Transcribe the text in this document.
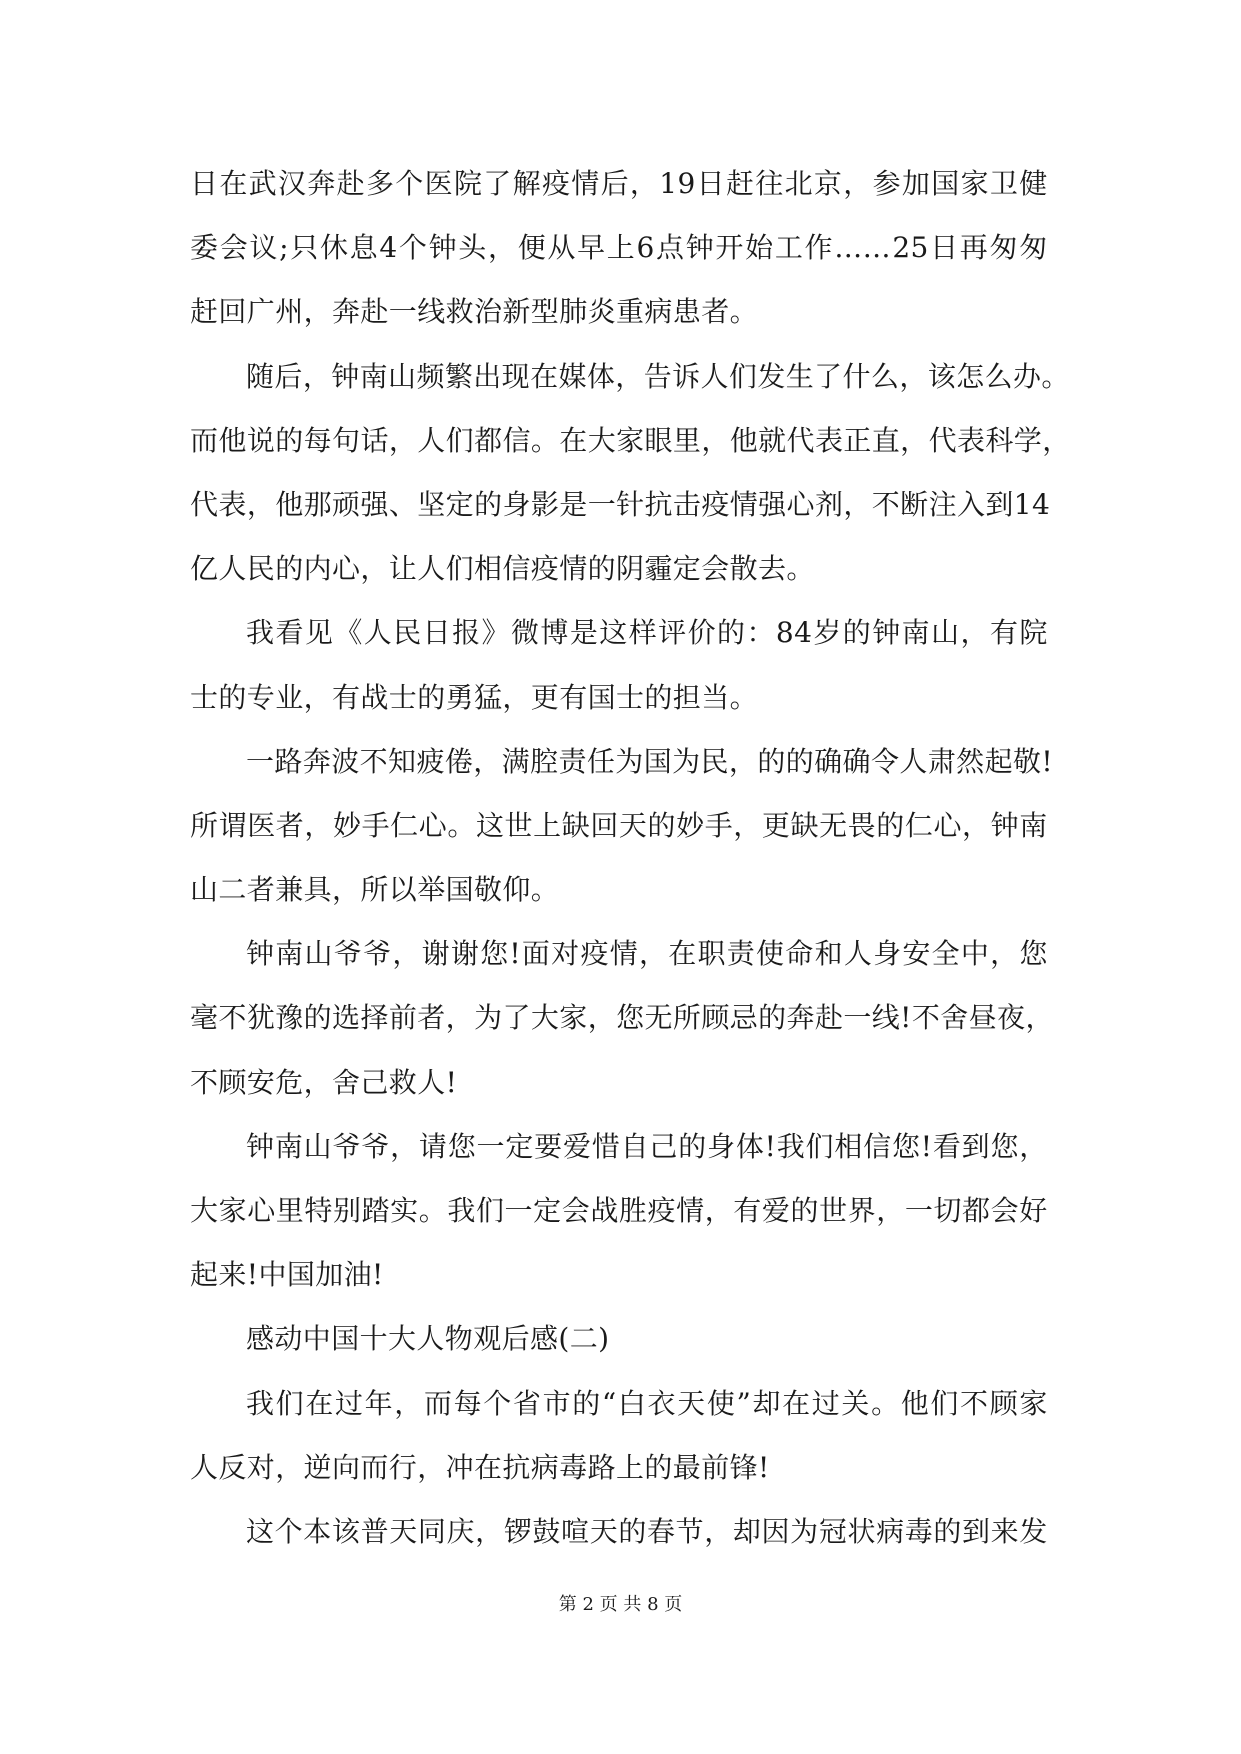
日 在 武 汉 奔 赴 多 个 医 院 了 解 疫 情 后 ， 19 日 赶 往 北 京 ， 参 加 国 家 卫 健
委 会 议 ; 只 休 息 4 个 钟 头 ， 便 从 早 上 6 点 钟 开 始 工 作 …… 25 日 再 匆 匆
赶回广州，奔赴一线救治新型肺炎重病患者。
随 后 ， 钟 南 山 频 繁 出 现 在 媒 体 ， 告 诉 人 们 发 生 了 什 么 ， 该 怎 么 办 。
而 他 说 的 每 句 话 ， 人 们 都 信 。 在 大 家 眼 里 ， 他 就 代 表 正 直 ， 代 表 科 学 ，
代 表 ， 他 那 顽 强 、 坚 定 的 身 影 是 一 针 抗 击 疫 情 强 心 剂 ， 不 断 注 入 到 14
亿人民的内心，让人们相信疫情的阴霾定会散去。
我 看 见 《 人 民 日 报 》 微 博 是 这 样 评 价 的 ： 84 岁 的 钟 南 山 ， 有 院
士的专业，有战士的勇猛，更有国士的担当。
一 路 奔 波 不 知 疲 倦 ， 满 腔 责 任 为 国 为 民 ， 的 的 确 确 令 人 肃 然 起 敬 !
所 谓 医 者 ， 妙 手 仁 心 。 这 世 上 缺 回 天 的 妙 手 ， 更 缺 无 畏 的 仁 心 ， 钟 南
山二者兼具，所以举国敬仰。
钟 南 山 爷 爷 ， 谢 谢 您 ! 面 对 疫 情 ， 在 职 责 使 命 和 人 身 安 全 中 ， 您
毫 不 犹 豫 的 选 择 前 者 ， 为 了 大 家 ， 您 无 所 顾 忌 的 奔 赴 一 线 ! 不 舍 昼 夜 ，
不顾安危，舍己救人!
钟 南 山 爷 爷 ， 请 您 一 定 要 爱 惜 自 己 的 身 体 ! 我 们 相 信 您 ! 看 到 您 ，
大 家 心 里 特 别 踏 实 。 我 们 一 定 会 战 胜 疫 情 ， 有 爱 的 世 界 ， 一 切 都 会 好
起来!中国加油!
感动中国十大人物观后感(二)
我 们 在 过 年 ， 而 每 个 省 市 的 “ 白 衣 天 使 ” 却 在 过 关 。 他 们 不 顾 家
人反对，逆向而行，冲在抗病毒路上的最前锋!
这 个 本 该 普 天 同 庆 ， 锣 鼓 喧 天 的 春 节 ， 却 因 为 冠 状 病 毒 的 到 来 发
第 2 页 共 8 页
